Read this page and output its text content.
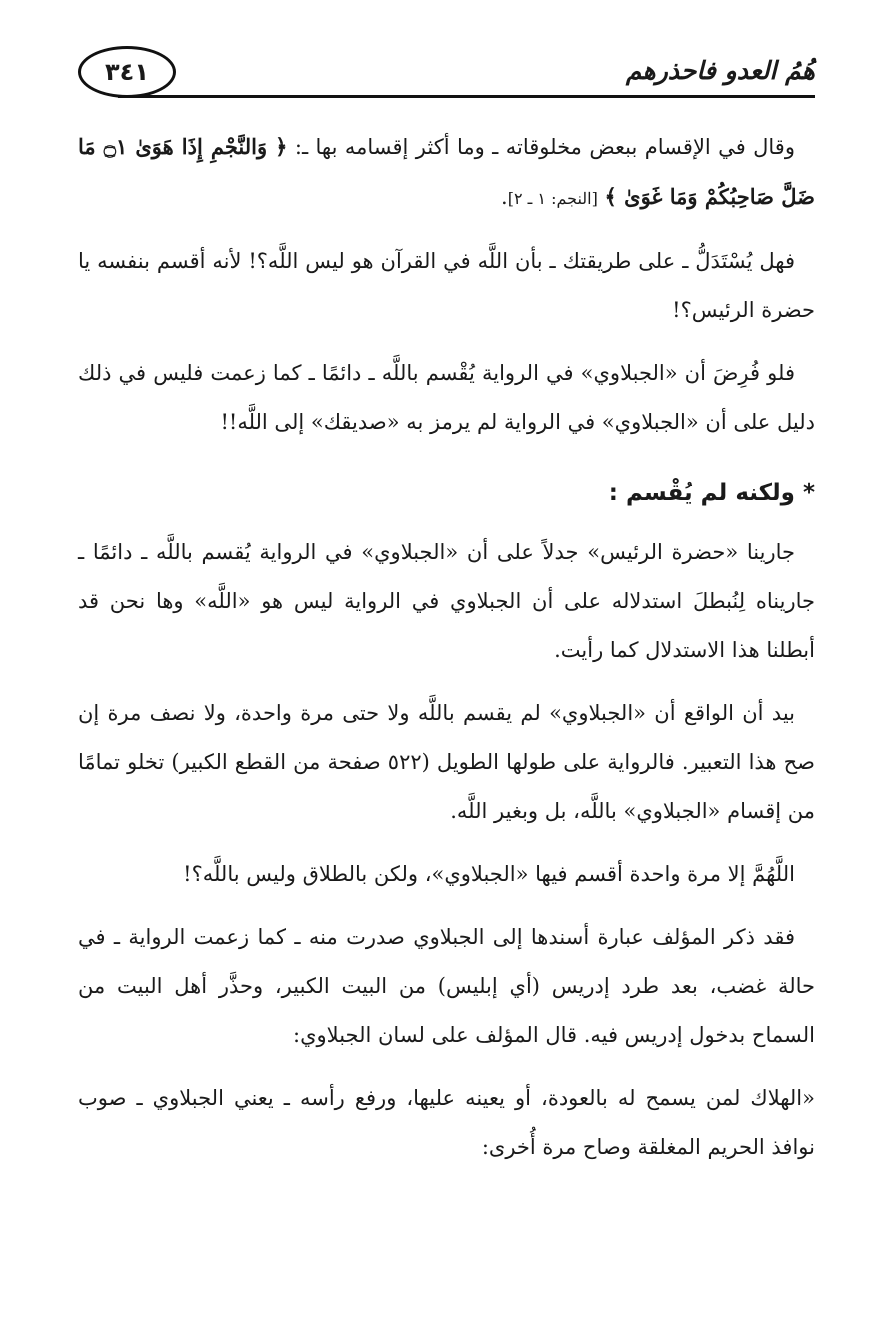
هُمُ العدو فاحذرهم
٣٤١

وقال في الإقسام ببعض مخلوقاته ـ وما أكثر إقسامه بها ـ: ﴿ وَالنَّجْمِ إِذَا هَوَىٰ ۝١ مَا ضَلَّ صَاحِبُكُمْ وَمَا غَوَىٰ ﴾ [النجم: ١ ـ ٢].

فهل يُسْتَدَلُّ ـ على طريقتك ـ بأن اللَّه في القرآن هو ليس اللَّه؟! لأنه أقسم بنفسه يا حضرة الرئيس؟!

فلو فُرِضَ أن «الجبلاوي» في الرواية يُقْسم باللَّه ـ دائمًا ـ كما زعمت فليس في ذلك دليل على أن «الجبلاوي» في الرواية لم يرمز به «صديقك» إلى اللَّه!!

* ولكنه لم يُقْسم :

جارينا «حضرة الرئيس» جدلاً على أن «الجبلاوي» في الرواية يُقسم باللَّه ـ دائمًا ـ جاريناه لِنُبطلَ استدلاله على أن الجبلاوي في الرواية ليس هو «اللَّه» وها نحن قد أبطلنا هذا الاستدلال كما رأيت.

بيد أن الواقع أن «الجبلاوي» لم يقسم باللَّه ولا حتى مرة واحدة، ولا نصف مرة إن صح هذا التعبير. فالرواية على طولها الطويل (٥٢٢ صفحة من القطع الكبير) تخلو تمامًا من إقسام «الجبلاوي» باللَّه، بل وبغير اللَّه.

اللَّهُمَّ إلا مرة واحدة أقسم فيها «الجبلاوي»، ولكن بالطلاق وليس باللَّه؟!

فقد ذكر المؤلف عبارة أسندها إلى الجبلاوي صدرت منه ـ كما زعمت الرواية ـ في حالة غضب، بعد طرد إدريس (أي إبليس) من البيت الكبير، وحذَّر أهل البيت من السماح بدخول إدريس فيه. قال المؤلف على لسان الجبلاوي:

«الهلاك لمن يسمح له بالعودة، أو يعينه عليها، ورفع رأسه ـ يعني الجبلاوي ـ صوب نوافذ الحريم المغلقة وصاح مرة أُخرى:
